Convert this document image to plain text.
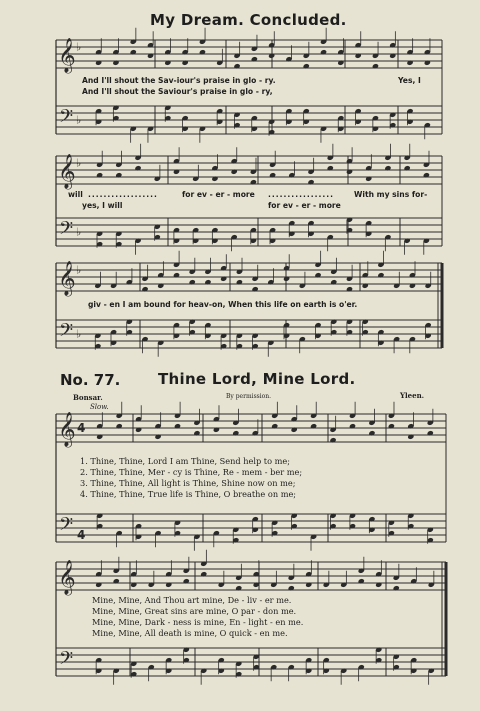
𝄞
𝄢
♭
♭
𝄞
𝄢
♭
♭
𝄞
𝄢
♭
♭
𝄞
𝄢
4
4
𝄞
𝄢
My Dream. Concluded.
And I'll shout the Sav-iour's praise in glo - ry.	Yes, I
And I'll shout the Saviour's praise in glo - ry,
will ..................	for ev - er - more .................	With my sins for-
yes, I will	for ev - er - more
giv - en I am bound for heav-on, When this life on earth is o'er.
No. 77.	Thine Lord, Mine Lord.
Bonsar.	By permission.	Yleen.
Slow.
1. Thine, Thine, Lord I am Thine, Send help to me;
2. Thine, Thine, Mer - cy is Thine, Re - mem - ber me;
3. Thine, Thine, All light is Thine, Shine now on me;
4. Thine, Thine, True life is Thine, O breathe on me;
Mine, Mine, And Thou art mine, De - liv - er me.
Mine, Mine, Great sins are mine, O par - don me.
Mine, Mine, Dark - ness is mine, En - light - en me.
Mine, Mine, All death is mine, O quick - en me.
